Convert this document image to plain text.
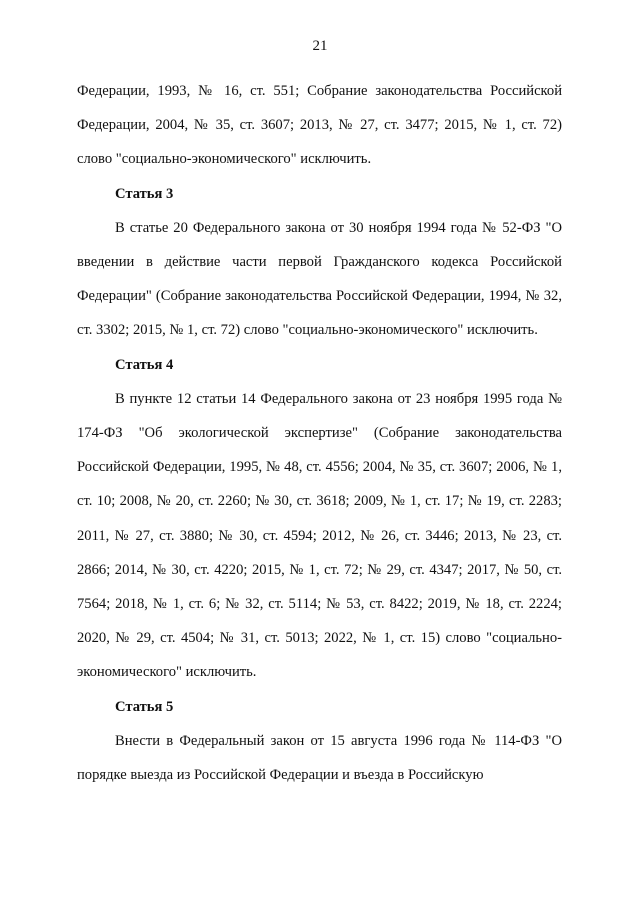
21

Федерации, 1993, № 16, ст. 551; Собрание законодательства Российской Федерации, 2004, № 35, ст. 3607; 2013, № 27, ст. 3477; 2015, № 1, ст. 72) слово "социально-экономического" исключить.

Статья 3

В статье 20 Федерального закона от 30 ноября 1994 года № 52-ФЗ "О введении в действие части первой Гражданского кодекса Российской Федерации" (Собрание законодательства Российской Федерации, 1994, № 32, ст. 3302; 2015, № 1, ст. 72) слово "социально-экономического" исключить.

Статья 4

В пункте 12 статьи 14 Федерального закона от 23 ноября 1995 года № 174-ФЗ "Об экологической экспертизе" (Собрание законодательства Российской Федерации, 1995, № 48, ст. 4556; 2004, № 35, ст. 3607; 2006, № 1, ст. 10; 2008, № 20, ст. 2260; № 30, ст. 3618; 2009, № 1, ст. 17; № 19, ст. 2283; 2011, № 27, ст. 3880; № 30, ст. 4594; 2012, № 26, ст. 3446; 2013, № 23, ст. 2866; 2014, № 30, ст. 4220; 2015, № 1, ст. 72; № 29, ст. 4347; 2017, № 50, ст. 7564; 2018, № 1, ст. 6; № 32, ст. 5114; № 53, ст. 8422; 2019, № 18, ст. 2224; 2020, № 29, ст. 4504; № 31, ст. 5013; 2022, № 1, ст. 15) слово "социально-экономического" исключить.

Статья 5

Внести в Федеральный закон от 15 августа 1996 года № 114-ФЗ "О порядке выезда из Российской Федерации и въезда в Российскую
